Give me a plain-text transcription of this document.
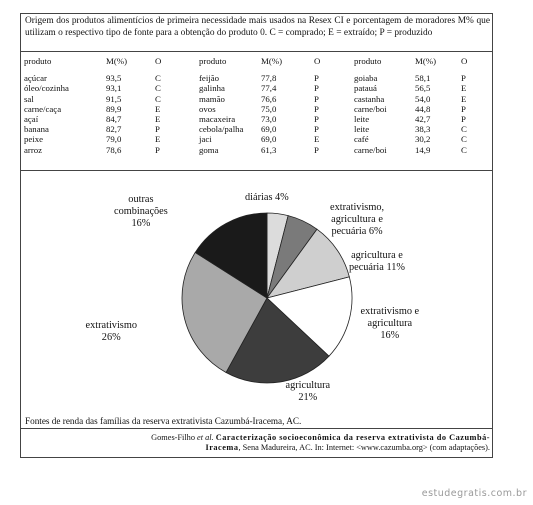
Origem dos produtos alimentícios de primeira necessidade mais usados na Resex CI e porcentagem de moradores M% que utilizam o respectivo tipo de fonte para a obtenção do produto 0. C = comprado; E = extraído; P = produzido
produto	M(%)	O	produto	M(%)	O	produto	M(%)	O
açúcar	93,5	C	feijão	77,8	P	goiaba	58,1	P
óleo/cozinha	93,1	C	galinha	77,4	P	patauá	56,5	E
sal	91,5	C	mamão	76,6	P	castanha	54,0	E
carne/caça	89,9	E	ovos	75,0	P	carne/boi	44,8	P
açaí	84,7	E	macaxeira	73,0	P	leite	42,7	P
banana	82,7	P	cebola/palha 69,0	P	leite	38,3	C
peixe	79,0	E	jaci	69,0	E	café	30,2	C
arroz	78,6	P	goma	61,3	P	carne/boi	14,9	C
diárias 4%
extrativismo,
agricultura e
pecuária 6%
agricultura e
pecuária 11%
extrativismo e
agricultura
16%
agricultura
21%
extrativismo
26%
outras
combinações
16%
Fontes de renda das famílias da reserva extrativista Cazumbá-Iracema, AC.
Gomes-Filho et al. Caracterização socioeconômica da reserva extrativista do Cazumbá-Iracema, Sena Madureira, AC. In: Internet: <www.cazumba.org> (com adaptações).
estudegratis.com.br
